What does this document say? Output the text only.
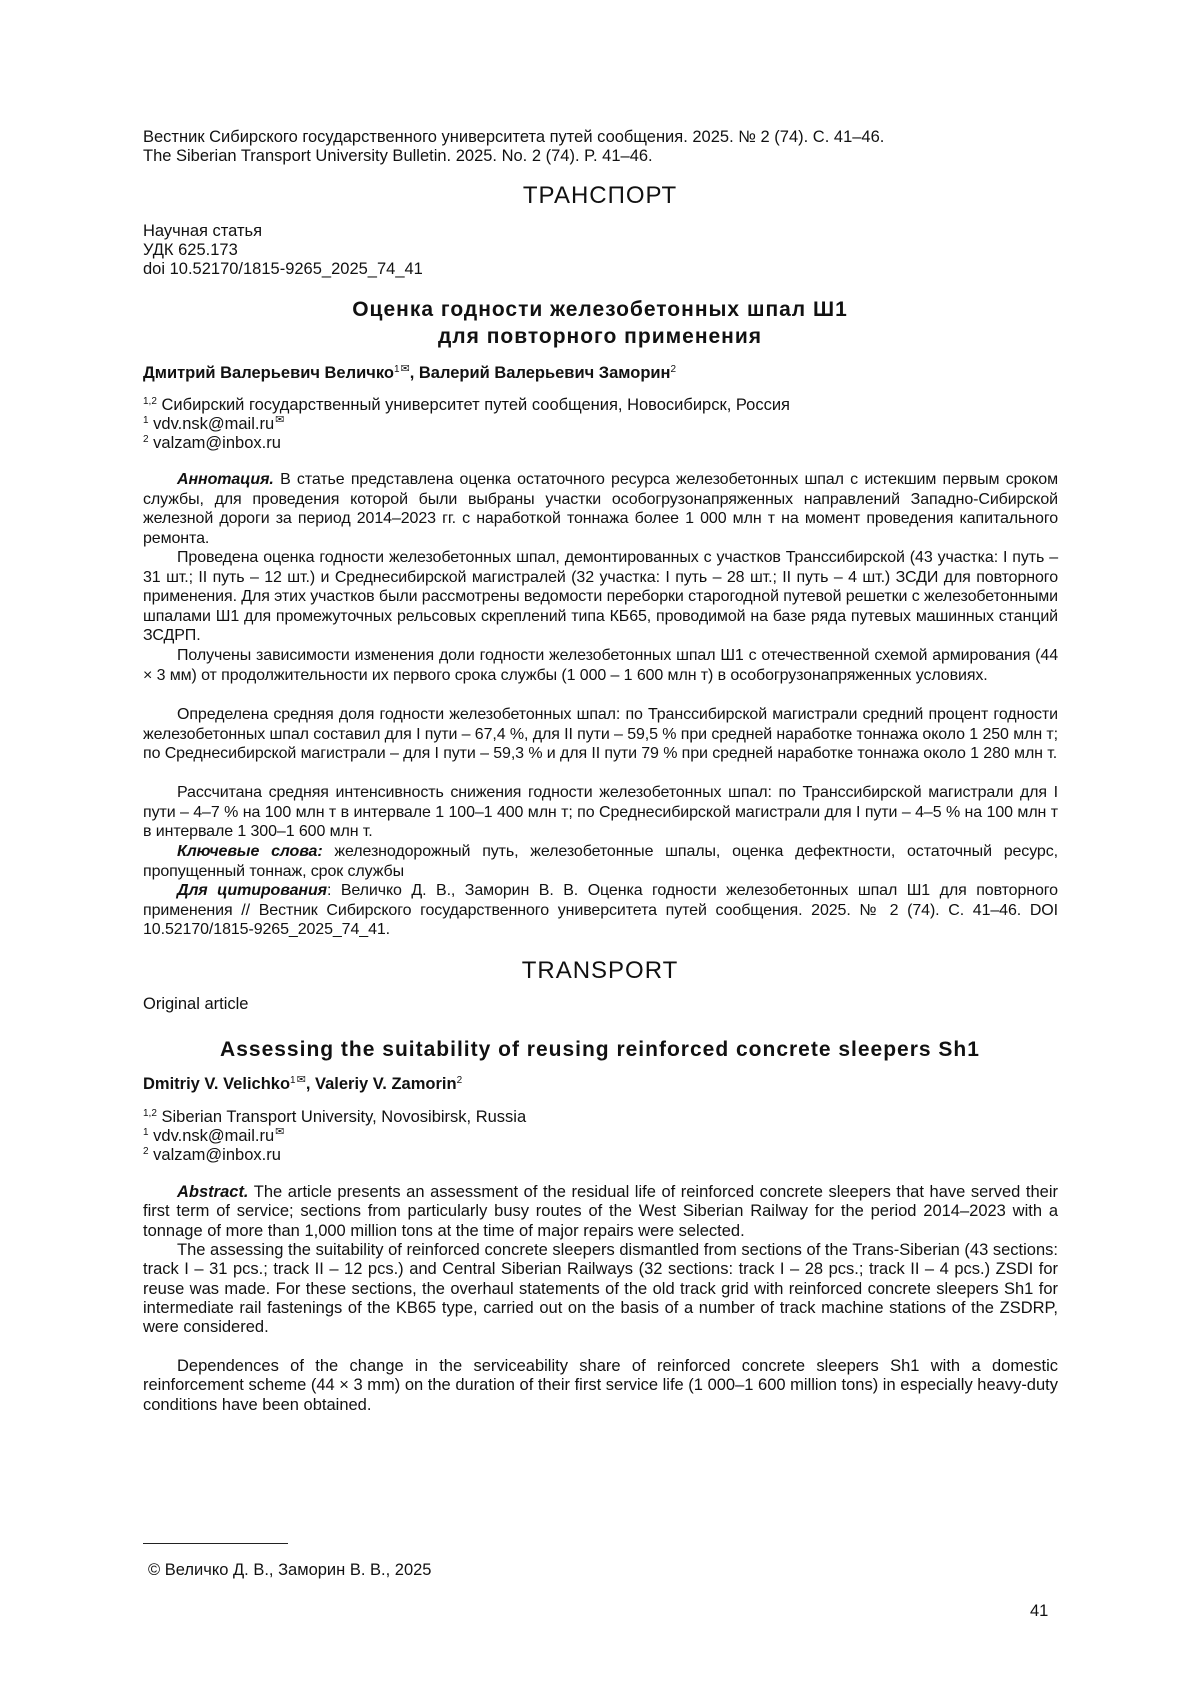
Вестник Сибирского государственного университета путей сообщения. 2025. № 2 (74). С. 41–46.
The Siberian Transport University Bulletin. 2025. No. 2 (74). P. 41–46.
ТРАНСПОРТ
Научная статья
УДК 625.173
doi 10.52170/1815-9265_2025_74_41
Оценка годности железобетонных шпал Ш1
для повторного применения
Дмитрий Валерьевич Величко1✉, Валерий Валерьевич Заморин2
1,2 Сибирский государственный университет путей сообщения, Новосибирск, Россия
1 vdv.nsk@mail.ru✉
2 valzam@inbox.ru

Аннотация. В статье представлена оценка остаточного ресурса железобетонных шпал с истекшим первым сроком службы, для проведения которой были выбраны участки особогрузонапряженных направлений Западно-Сибирской железной дороги за период 2014–2023 гг. с наработкой тоннажа более 1 000 млн т на момент проведения капитального ремонта.

Проведена оценка годности железобетонных шпал, демонтированных с участков Транссибирской (43 участка: I путь – 31 шт.; II путь – 12 шт.) и Среднесибирской магистралей (32 участка: I путь – 28 шт.; II путь – 4 шт.) ЗСДИ для повторного применения. Для этих участков были рассмотрены ведомости переборки старогодной путевой решетки с железобетонными шпалами Ш1 для промежуточных рельсовых скреплений типа КБ65, проводимой на базе ряда путевых машинных станций ЗСДРП.

Получены зависимости изменения доли годности железобетонных шпал Ш1 с отечественной схемой армирования (44 × 3 мм) от продолжительности их первого срока службы (1 000 – 1 600 млн т) в особогрузонапряженных условиях.

Определена средняя доля годности железобетонных шпал: по Транссибирской магистрали средний процент годности железобетонных шпал составил для I пути – 67,4 %, для II пути – 59,5 % при средней наработке тоннажа около 1 250 млн т; по Среднесибирской магистрали – для I пути – 59,3 % и для II пути 79 % при средней наработке тоннажа около 1 280 млн т.

Рассчитана средняя интенсивность снижения годности железобетонных шпал: по Транссибирской магистрали для I пути – 4–7 % на 100 млн т в интервале 1 100–1 400 млн т; по Среднесибирской магистрали для I пути – 4–5 % на 100 млн т в интервале 1 300–1 600 млн т.

Ключевые слова: железнодорожный путь, железобетонные шпалы, оценка дефектности, остаточный ресурс, пропущенный тоннаж, срок службы

Для цитирования: Величко Д. В., Заморин В. В. Оценка годности железобетонных шпал Ш1 для повторного применения // Вестник Сибирского государственного университета путей сообщения. 2025. № 2 (74). С. 41–46. DOI 10.52170/1815-9265_2025_74_41.

TRANSPORT
Original article
Assessing the suitability of reusing reinforced concrete sleepers Sh1
Dmitriy V. Velichko1✉, Valeriy V. Zamorin2
1,2 Siberian Transport University, Novosibirsk, Russia
1 vdv.nsk@mail.ru✉
2 valzam@inbox.ru

Abstract. The article presents an assessment of the residual life of reinforced concrete sleepers that have served their first term of service; sections from particularly busy routes of the West Siberian Railway for the period 2014–2023 with a tonnage of more than 1,000 million tons at the time of major repairs were selected.

The assessing the suitability of reinforced concrete sleepers dismantled from sections of the Trans-Siberian (43 sections: track I – 31 pcs.; track II – 12 pcs.) and Central Siberian Railways (32 sections: track I – 28 pcs.; track II – 4 pcs.) ZSDI for reuse was made. For these sections, the overhaul statements of the old track grid with reinforced concrete sleepers Sh1 for intermediate rail fastenings of the KB65 type, carried out on the basis of a number of track machine stations of the ZSDRP, were considered.

Dependences of the change in the serviceability share of reinforced concrete sleepers Sh1 with a domestic reinforcement scheme (44 × 3 mm) on the duration of their first service life (1 000–1 600 million tons) in especially heavy-duty conditions have been obtained.

© Величко Д. В., Заморин В. В., 2025
41
